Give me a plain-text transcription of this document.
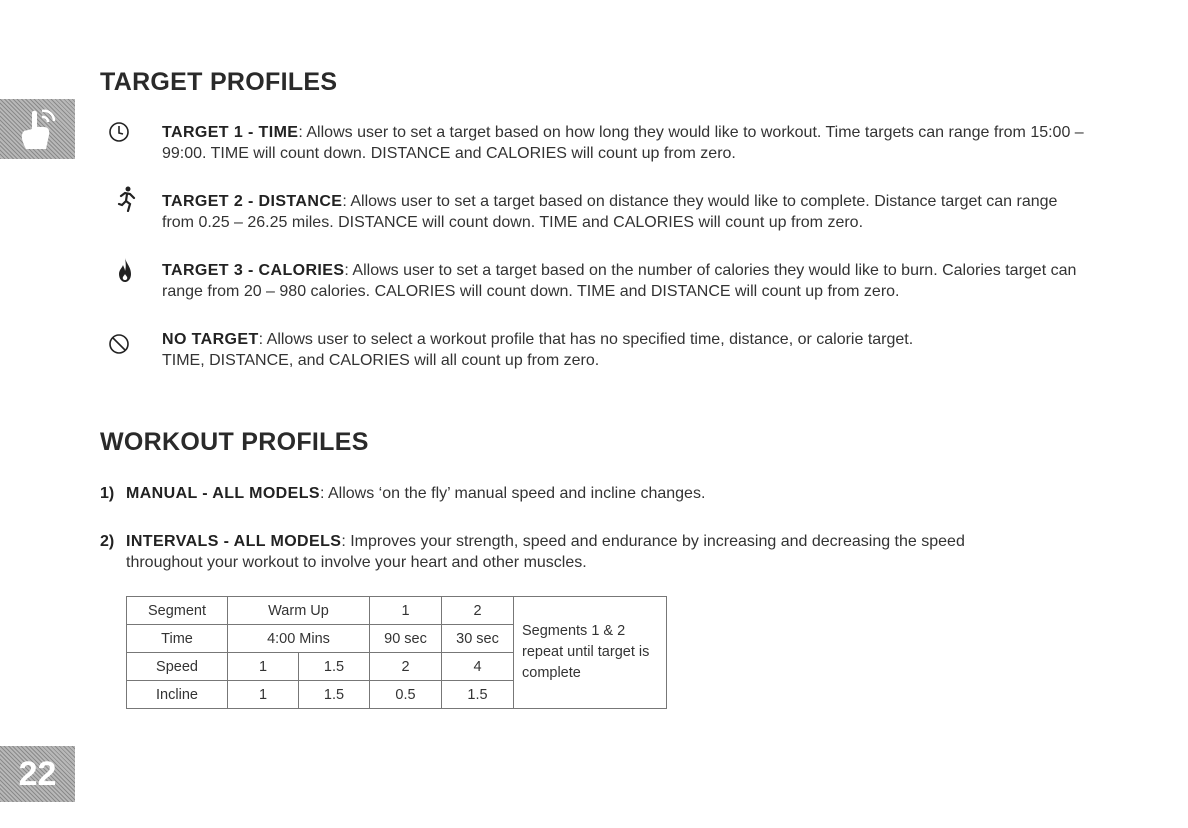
TARGET PROFILES
TARGET 1 - TIME: Allows user to set a target based on how long they would like to workout. Time targets can range from 15:00 – 99:00. TIME will count down. DISTANCE and CALORIES will count up from zero.
TARGET 2 - DISTANCE: Allows user to set a target based on distance they would like to complete. Distance target can range from 0.25 – 26.25 miles. DISTANCE will count down. TIME and CALORIES will count up from zero.
TARGET 3 - CALORIES: Allows user to set a target based on the number of calories they would like to burn. Calories target can range from 20 – 980 calories. CALORIES will count down. TIME and DISTANCE will count up from zero.
NO TARGET: Allows user to select a workout profile that has no specified time, distance, or calorie target.
TIME, DISTANCE, and CALORIES will all count up from zero.
WORKOUT PROFILES
1) MANUAL - ALL MODELS: Allows ‘on the fly’ manual speed and incline changes.
2) INTERVALS - ALL MODELS: Improves your strength, speed and endurance by increasing and decreasing the speed
throughout your workout to involve your heart and other muscles.
Segment	Warm Up		1	2	Segments 1 & 2 repeat until target is complete
Time	4:00 Mins		90 sec	30 sec	
Speed	1	1.5	2	4	
Incline	1	1.5	0.5	1.5	
22
